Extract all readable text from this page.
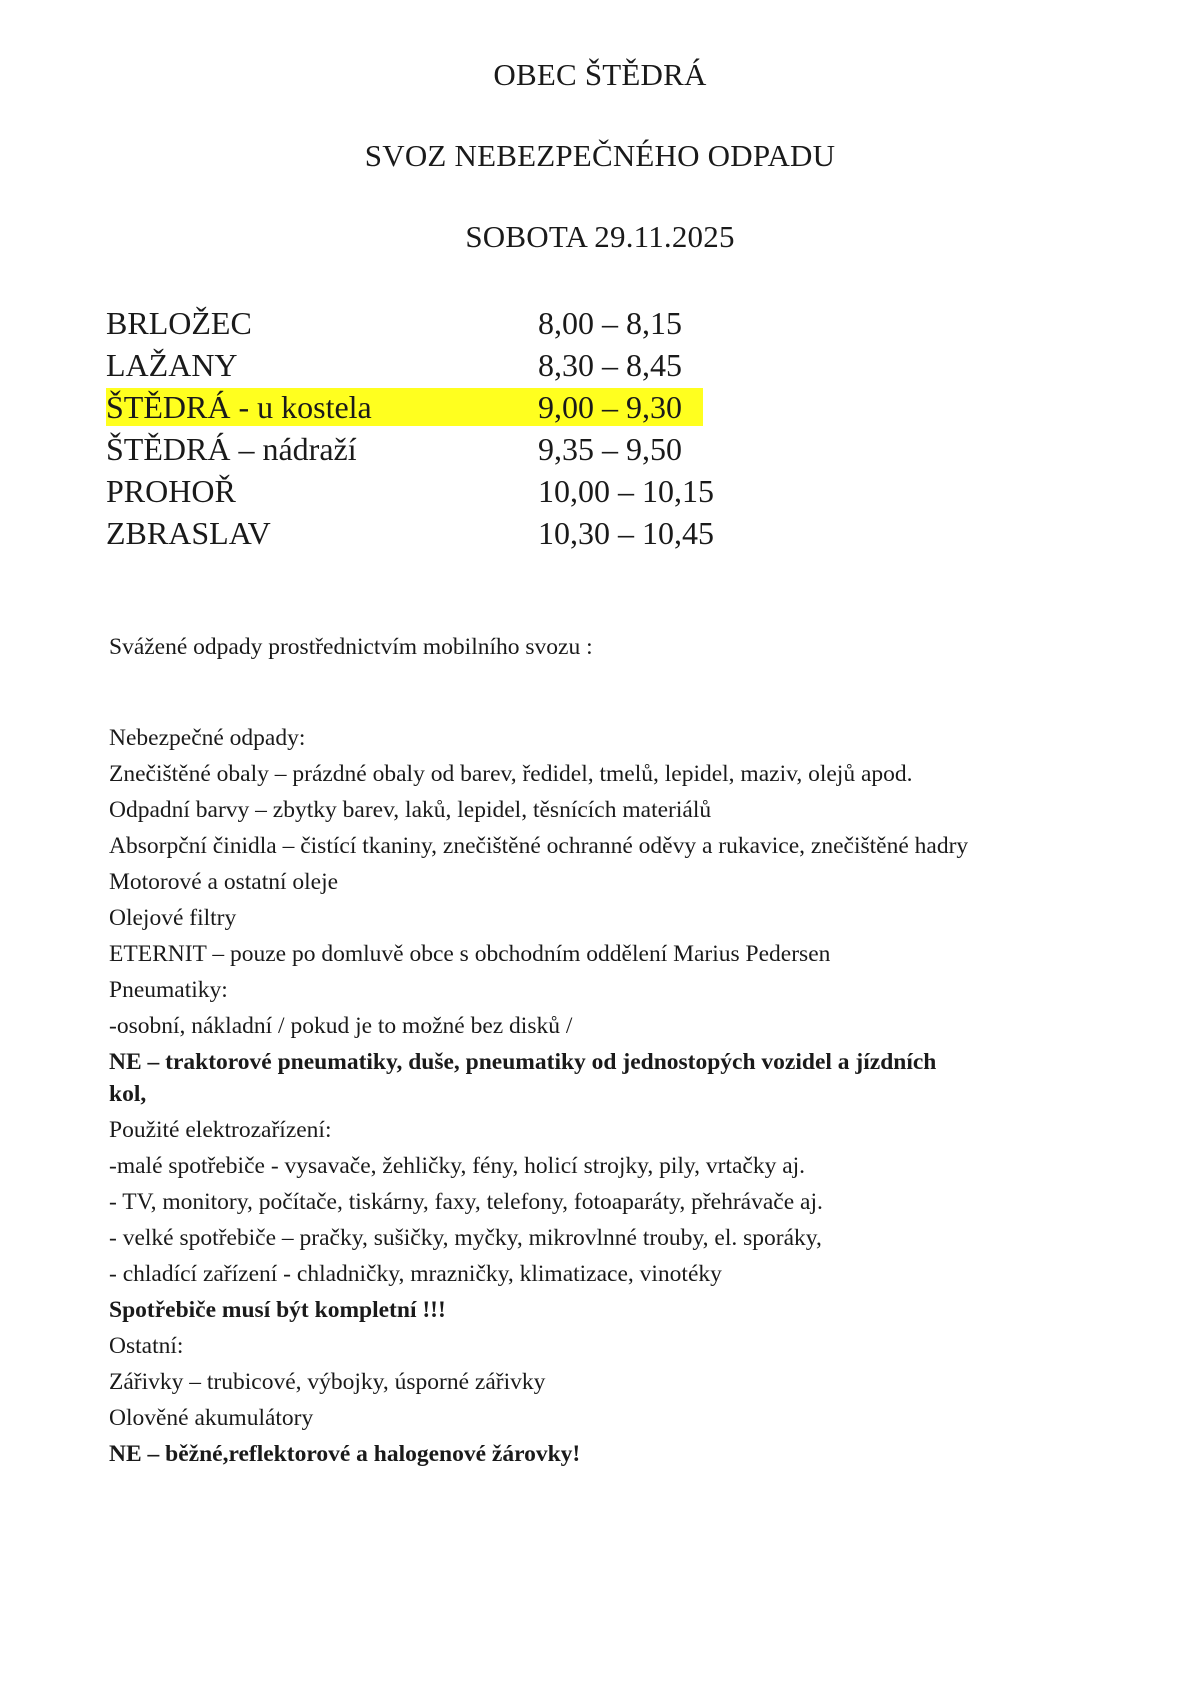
OBEC ŠTĚDRÁ
SVOZ NEBEZPEČNÉHO ODPADU
SOBOTA 29.11.2025
BRLOŽEC	8,00 – 8,15
LAŽANY	8,30 – 8,45
ŠTĚDRÁ - u kostela	9,00 – 9,30
ŠTĚDRÁ – nádraží	9,35 – 9,50
PROHOŘ	10,00 – 10,15
ZBRASLAV	10,30 – 10,45
Svážené odpady prostřednictvím mobilního svozu :
Nebezpečné odpady:
Znečištěné obaly – prázdné obaly od barev, ředidel, tmelů, lepidel, maziv, olejů apod.
Odpadní barvy – zbytky barev, laků, lepidel, těsnících materiálů
Absorpční činidla – čistící tkaniny, znečištěné ochranné oděvy a rukavice, znečištěné hadry
Motorové a ostatní oleje
Olejové filtry
ETERNIT – pouze po domluvě obce s obchodním oddělení Marius Pedersen
Pneumatiky:
-osobní, nákladní / pokud je to možné bez disků /
NE – traktorové pneumatiky, duše, pneumatiky od jednostopých vozidel a jízdních kol,
Použité elektrozařízení:
-malé spotřebiče - vysavače, žehličky, fény, holicí strojky, pily, vrtačky aj.
- TV, monitory, počítače, tiskárny, faxy, telefony, fotoaparáty, přehrávače aj.
- velké spotřebiče – pračky, sušičky, myčky, mikrovlnné trouby, el. sporáky,
- chladící zařízení - chladničky, mrazničky, klimatizace, vinotéky
Spotřebiče musí být kompletní !!!
Ostatní:
Zářivky – trubicové, výbojky, úsporné zářivky
Olověné akumulátory
NE – běžné,reflektorové a halogenové žárovky!
